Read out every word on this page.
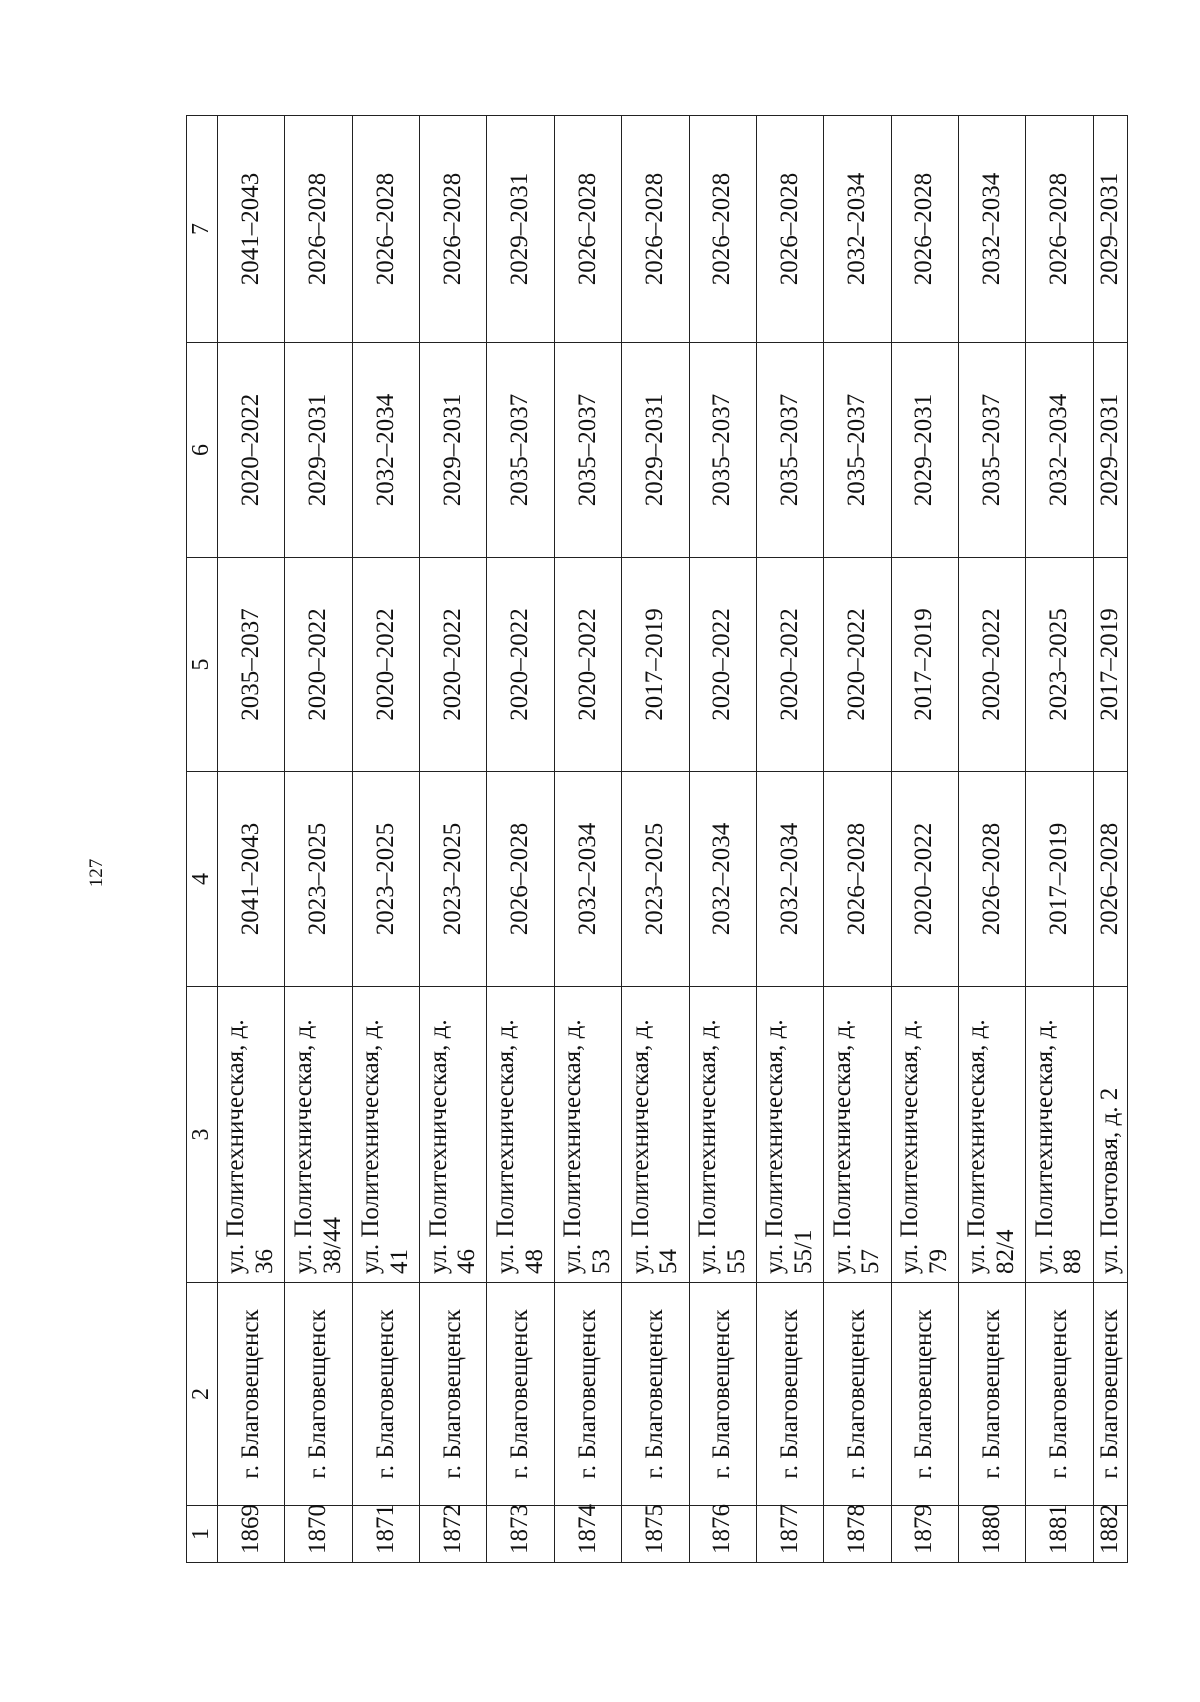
127
1	2	3	4	5	6	7
1869	г. Благовещенск	ул. Политехническая, д. 36	2041–2043	2035–2037	2020–2022	2041–2043
1870	г. Благовещенск	ул. Политехническая, д. 38/44	2023–2025	2020–2022	2029–2031	2026–2028
1871	г. Благовещенск	ул. Политехническая, д. 41	2023–2025	2020–2022	2032–2034	2026–2028
1872	г. Благовещенск	ул. Политехническая, д. 46	2023–2025	2020–2022	2029–2031	2026–2028
1873	г. Благовещенск	ул. Политехническая, д. 48	2026–2028	2020–2022	2035–2037	2029–2031
1874	г. Благовещенск	ул. Политехническая, д. 53	2032–2034	2020–2022	2035–2037	2026–2028
1875	г. Благовещенск	ул. Политехническая, д. 54	2023–2025	2017–2019	2029–2031	2026–2028
1876	г. Благовещенск	ул. Политехническая, д. 55	2032–2034	2020–2022	2035–2037	2026–2028
1877	г. Благовещенск	ул. Политехническая, д. 55/1	2032–2034	2020–2022	2035–2037	2026–2028
1878	г. Благовещенск	ул. Политехническая, д. 57	2026–2028	2020–2022	2035–2037	2032–2034
1879	г. Благовещенск	ул. Политехническая, д. 79	2020–2022	2017–2019	2029–2031	2026–2028
1880	г. Благовещенск	ул. Политехническая, д. 82/4	2026–2028	2020–2022	2035–2037	2032–2034
1881	г. Благовещенск	ул. Политехническая, д. 88	2017–2019	2023–2025	2032–2034	2026–2028
1882	г. Благовещенск	ул. Почтовая, д. 2	2026–2028	2017–2019	2029–2031	2029–2031
